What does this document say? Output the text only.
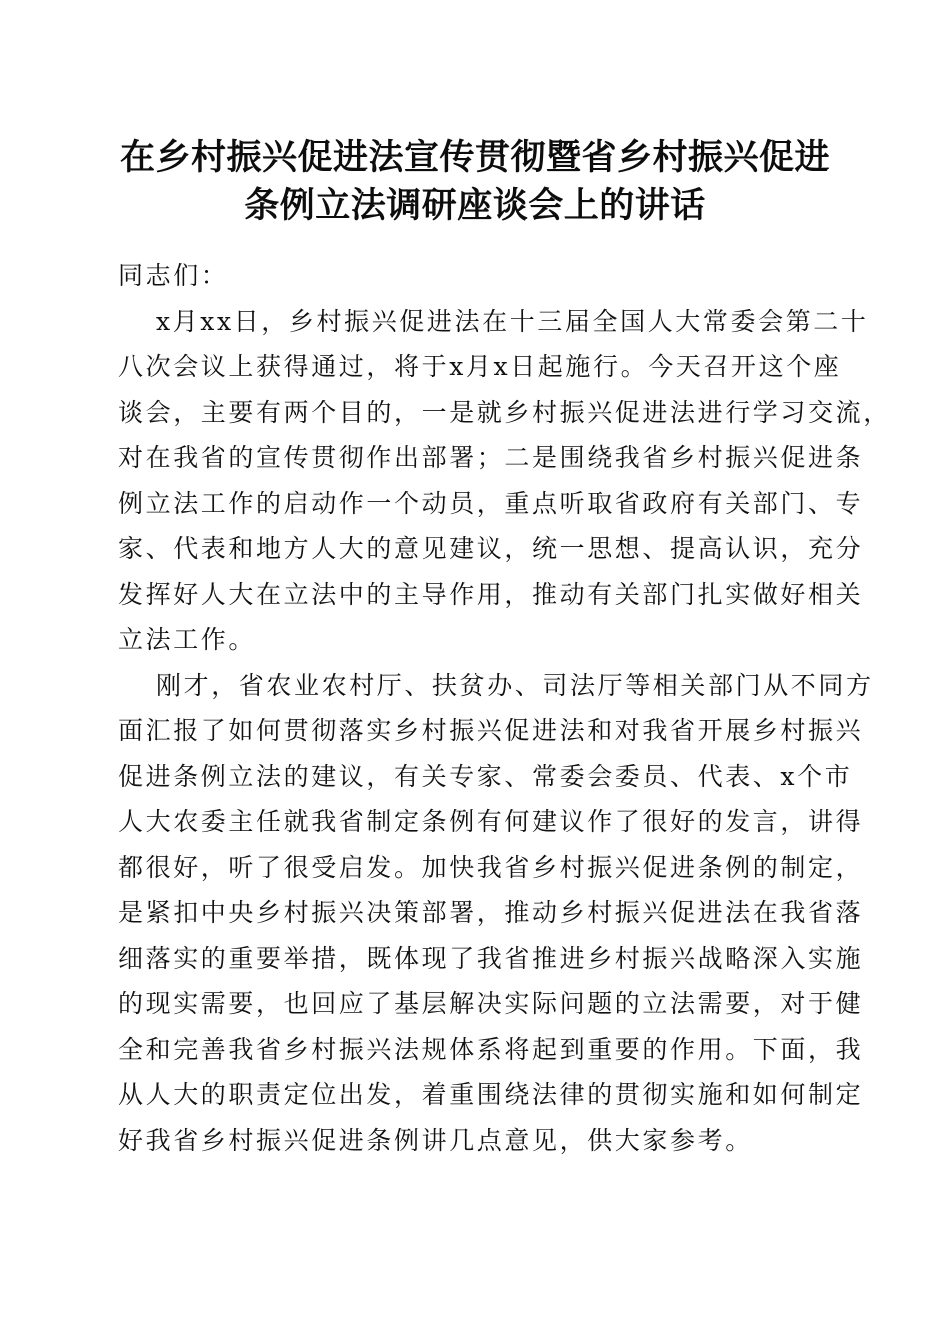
在乡村振兴促进法宣传贯彻暨省乡村振兴促进
条例立法调研座谈会上的讲话

同志们：

x月xx日，乡村振兴促进法在十三届全国人大常委会第二十
八次会议上获得通过，将于x月x日起施行。今天召开这个座
谈会，主要有两个目的，一是就乡村振兴促进法进行学习交流，
对在我省的宣传贯彻作出部署；二是围绕我省乡村振兴促进条
例立法工作的启动作一个动员，重点听取省政府有关部门、专
家、代表和地方人大的意见建议，统一思想、提高认识，充分
发挥好人大在立法中的主导作用，推动有关部门扎实做好相关
立法工作。
刚才，省农业农村厅、扶贫办、司法厅等相关部门从不同方
面汇报了如何贯彻落实乡村振兴促进法和对我省开展乡村振兴
促进条例立法的建议，有关专家、常委会委员、代表、x个市
人大农委主任就我省制定条例有何建议作了很好的发言，讲得
都很好，听了很受启发。加快我省乡村振兴促进条例的制定，
是紧扣中央乡村振兴决策部署，推动乡村振兴促进法在我省落
细落实的重要举措，既体现了我省推进乡村振兴战略深入实施
的现实需要，也回应了基层解决实际问题的立法需要，对于健
全和完善我省乡村振兴法规体系将起到重要的作用。下面，我
从人大的职责定位出发，着重围绕法律的贯彻实施和如何制定
好我省乡村振兴促进条例讲几点意见，供大家参考。
